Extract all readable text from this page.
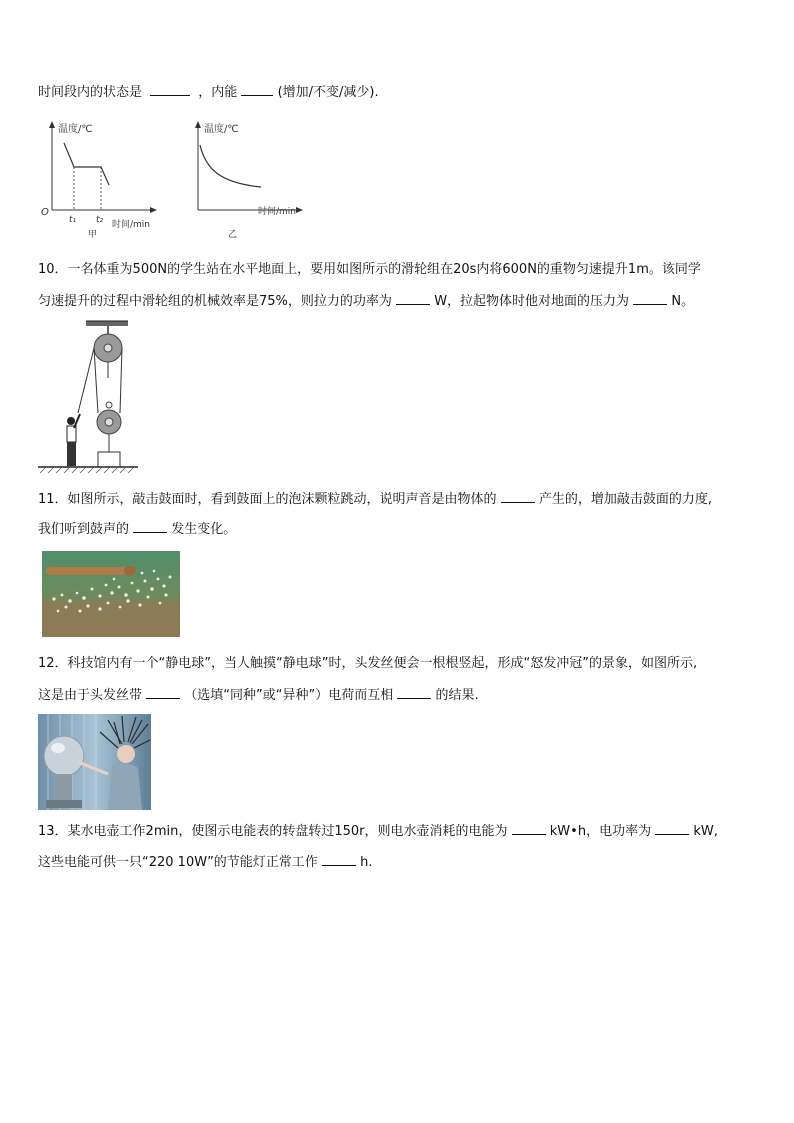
时间段内的状态是	，内能	(增加/不变/减少).
温度/℃
时间/min
O
t₁ t₂
甲
温度/℃
时间/min
乙
10．一名体重为500N的学生站在水平地面上，要用如图所示的滑轮组在20s内将600N的重物匀速提升1m。该同学
匀速提升的过程中滑轮组的机械效率是75%，则拉力的功率为	W，拉起物体时他对地面的压力为	N。
11．如图所示，敲击鼓面时，看到鼓面上的泡沫颗粒跳动，说明声音是由物体的	产生的，增加敲击鼓面的力度,
我们听到鼓声的	发生变化。
12．科技馆内有一个“静电球”，当人触摸“静电球”时，头发丝便会一根根竖起，形成“怒发冲冠”的景象，如图所示,
这是由于头发丝带	（选填“同种”或“异种”）电荷而互相	的结果.
13．某水电壶工作2min，使图示电能表的转盘转过150r，则电水壶消耗的电能为	kW•h，电功率为	kW,
这些电能可供一只“220 10W”的节能灯正常工作	h.
